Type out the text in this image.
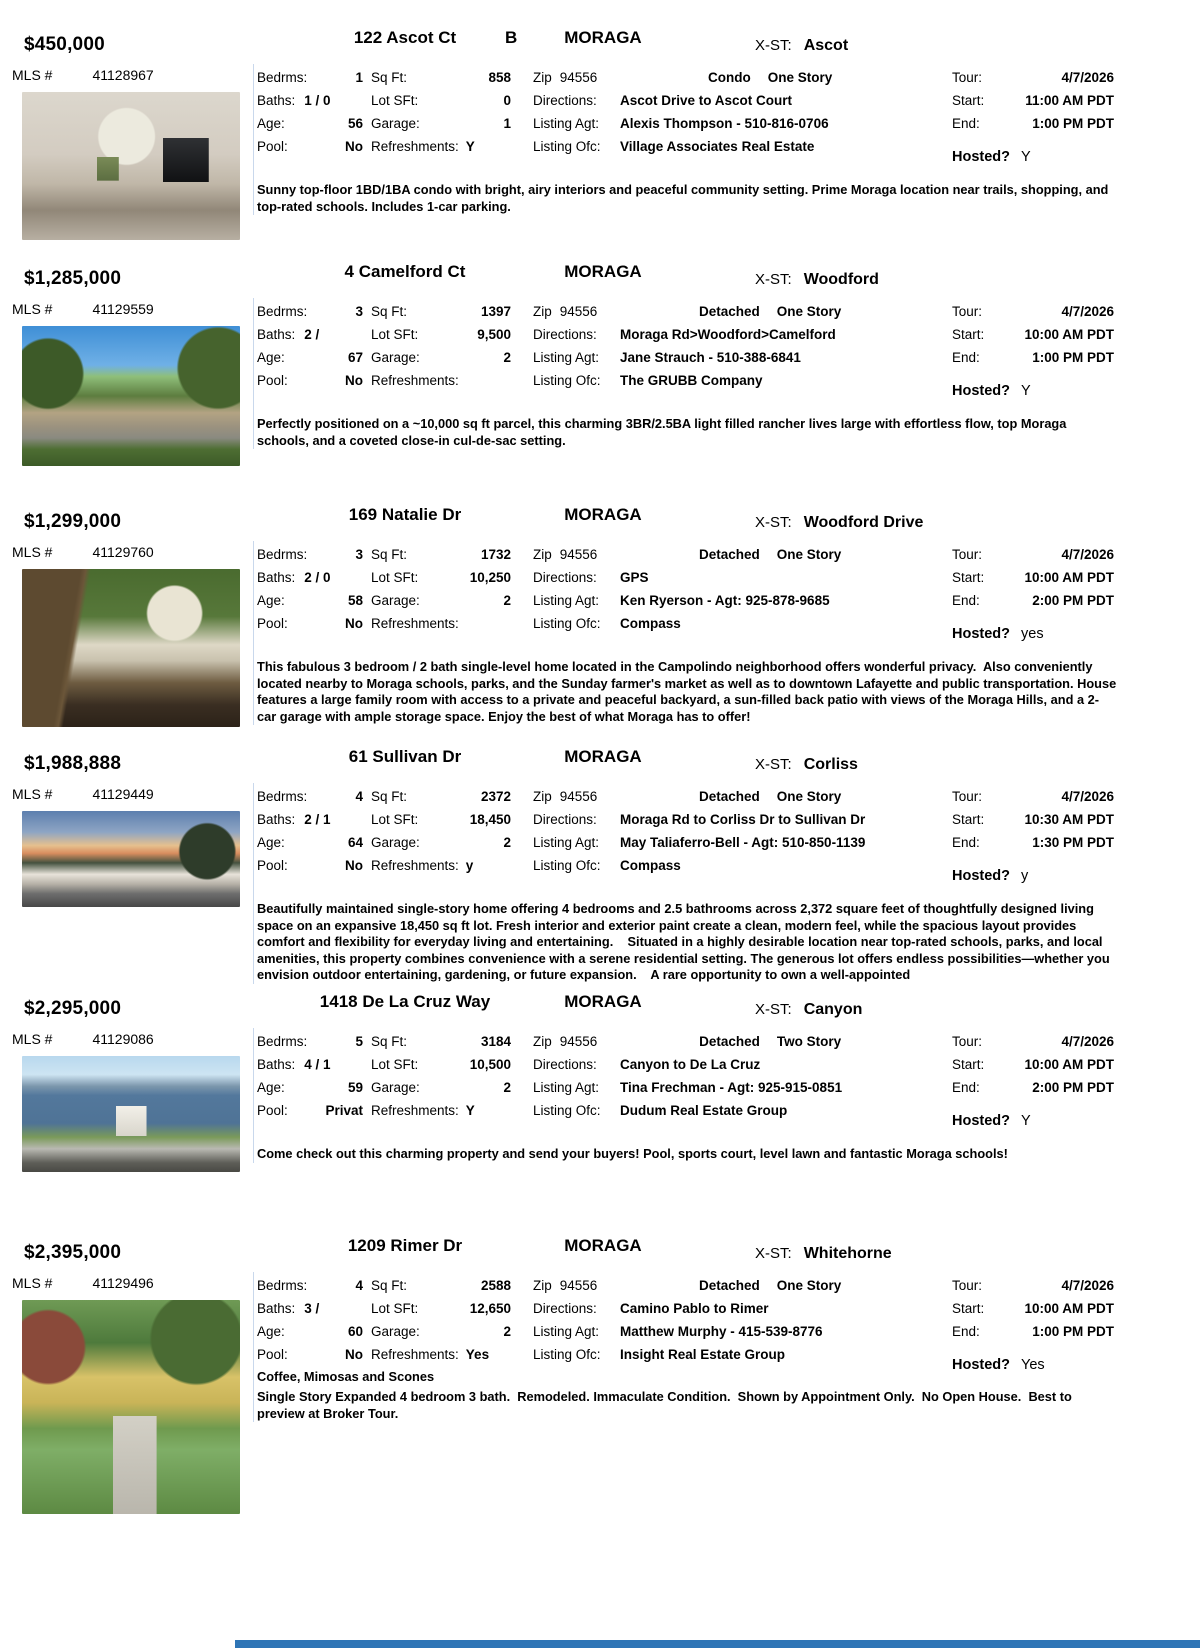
$450,000	122 Ascot Ct	B	MORAGA	X-ST: Ascot
MLS #	41128967	Bedrms:	1 Sq Ft:	858 Zip 94556	Condo One Story
Baths: 1 / 0	Lot SFt:	0 Directions:	Ascot Drive to Ascot Court
Age:	56 Garage:	1 Listing Agt:	Alexis Thompson - 510-816-0706
Pool:	No Refreshments: Y	Listing Ofc:	Village Associates Real Estate
Tour:	4/7/2026
Start:	11:00 AM PDT
End:	1:00 PM PDT
Hosted? Y
Sunny top-floor 1BD/1BA condo with bright, airy interiors and peaceful community setting. Prime Moraga location near trails, shopping, and top-rated schools. Includes 1-car parking.
$1,285,000	4 Camelford Ct	MORAGA	X-ST: Woodford
MLS #	41129559	Bedrms:	3 Sq Ft:	1397 Zip 94556	Detached One Story
Baths: 2 /	Lot SFt:	9,500 Directions:	Moraga Rd>Woodford>Camelford
Age:	67 Garage:	2 Listing Agt:	Jane Strauch - 510-388-6841
Pool:	No Refreshments:	Listing Ofc:	The GRUBB Company
Tour:	4/7/2026
Start:	10:00 AM PDT
End:	1:00 PM PDT
Hosted? Y
Perfectly positioned on a ~10,000 sq ft parcel, this charming 3BR/2.5BA light filled rancher lives large with effortless flow, top Moraga schools, and a coveted close-in cul-de-sac setting.
$1,299,000	169 Natalie Dr	MORAGA	X-ST: Woodford Drive
MLS #	41129760	Bedrms:	3 Sq Ft:	1732 Zip 94556	Detached One Story
Baths: 2 / 0	Lot SFt:	10,250 Directions:	GPS
Age:	58 Garage:	2 Listing Agt:	Ken Ryerson - Agt: 925-878-9685
Pool:	No Refreshments:	Listing Ofc:	Compass
Tour:	4/7/2026
Start:	10:00 AM PDT
End:	2:00 PM PDT
Hosted? yes
This fabulous 3 bedroom / 2 bath single-level home located in the Campolindo neighborhood offers wonderful privacy.  Also conveniently located nearby to Moraga schools, parks, and the Sunday farmer's market as well as to downtown Lafayette and public transportation. House features a large family room with access to a private and peaceful backyard, a sun-filled back patio with views of the Moraga Hills, and a 2-car garage with ample storage space. Enjoy the best of what Moraga has to offer!
$1,988,888	61 Sullivan Dr	MORAGA	X-ST: Corliss
MLS #	41129449	Bedrms:	4 Sq Ft:	2372 Zip 94556	Detached One Story
Baths: 2 / 1	Lot SFt:	18,450 Directions:	Moraga Rd to Corliss Dr to Sullivan Dr
Age:	64 Garage:	2 Listing Agt:	May Taliaferro-Bell - Agt: 510-850-1139
Pool:	No Refreshments: y	Listing Ofc:	Compass
Tour:	4/7/2026
Start:	10:30 AM PDT
End:	1:30 PM PDT
Hosted? y
Beautifully maintained single-story home offering 4 bedrooms and 2.5 bathrooms across 2,372 square feet of thoughtfully designed living space on an expansive 18,450 sq ft lot. Fresh interior and exterior paint create a clean, modern feel, while the spacious layout provides comfort and flexibility for everyday living and entertaining.    Situated in a highly desirable location near top-rated schools, parks, and local amenities, this property combines convenience with a serene residential setting. The generous lot offers endless possibilities—whether you envision outdoor entertaining, gardening, or future expansion.    A rare opportunity to own a well-appointed
$2,295,000	1418 De La Cruz Way	MORAGA	X-ST: Canyon
MLS #	41129086	Bedrms:	5 Sq Ft:	3184 Zip 94556	Detached Two Story
Baths: 4 / 1	Lot SFt:	10,500 Directions:	Canyon to De La Cruz
Age:	59 Garage:	2 Listing Agt:	Tina Frechman - Agt: 925-915-0851
Pool:	Privat Refreshments: Y	Listing Ofc:	Dudum Real Estate Group
Tour:	4/7/2026
Start:	10:00 AM PDT
End:	2:00 PM PDT
Hosted? Y
Come check out this charming property and send your buyers! Pool, sports court, level lawn and fantastic Moraga schools!
$2,395,000	1209 Rimer Dr	MORAGA	X-ST: Whitehorne
MLS #	41129496	Bedrms:	4 Sq Ft:	2588 Zip 94556	Detached One Story
Baths: 3 /	Lot SFt:	12,650 Directions:	Camino Pablo to Rimer
Age:	60 Garage:	2 Listing Agt:	Matthew Murphy - 415-539-8776
Pool:	No Refreshments: Yes	Listing Ofc:	Insight Real Estate Group
Tour:	4/7/2026
Start:	10:00 AM PDT
End:	1:00 PM PDT
Hosted? Yes
Coffee, Mimosas and Scones
Single Story Expanded 4 bedroom 3 bath.  Remodeled. Immaculate Condition.  Shown by Appointment Only.  No Open House.  Best to preview at Broker Tour.
